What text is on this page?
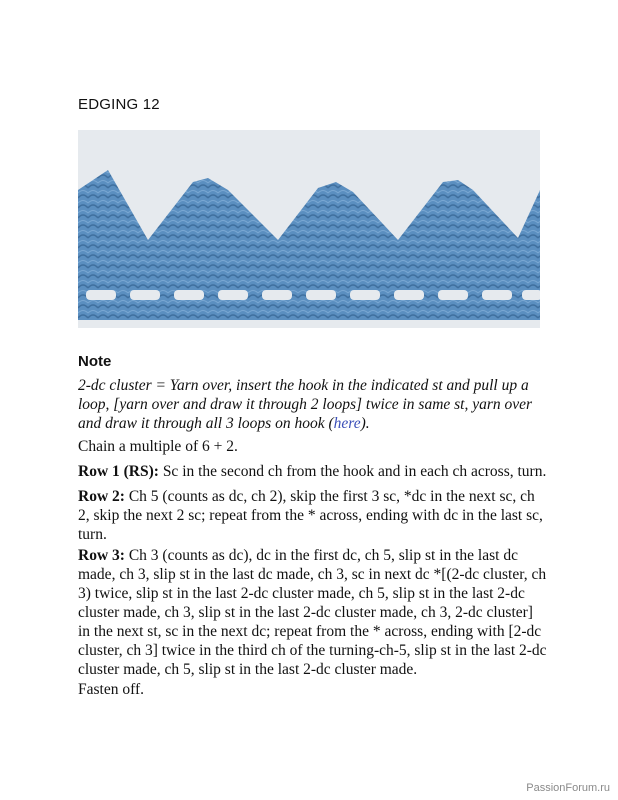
EDGING 12
Note
2-dc cluster = Yarn over, insert the hook in the indicated st and pull up a loop, [yarn over and draw it through 2 loops] twice in same st, yarn over and draw it through all 3 loops on hook (here).
Chain a multiple of 6 + 2.
Row 1 (RS): Sc in the second ch from the hook and in each ch across, turn.
Row 2: Ch 5 (counts as dc, ch 2), skip the first 3 sc, *dc in the next sc, ch 2, skip the next 2 sc; repeat from the * across, ending with dc in the last sc, turn.
Row 3: Ch 3 (counts as dc), dc in the first dc, ch 5, slip st in the last dc made, ch 3, slip st in the last dc made, ch 3, sc in next dc *[(2-dc cluster, ch 3) twice, slip st in the last 2-dc cluster made, ch 5, slip st in the last 2-dc cluster made, ch 3, slip st in the last 2-dc cluster made, ch 3, 2-dc cluster] in the next st, sc in the next dc; repeat from the * across, ending with [2-dc cluster, ch 3] twice in the third ch of the turning-ch-5, slip st in the last 2-dc cluster made, ch 5, slip st in the last 2-dc cluster made.
Fasten off.
PassionForum.ru
